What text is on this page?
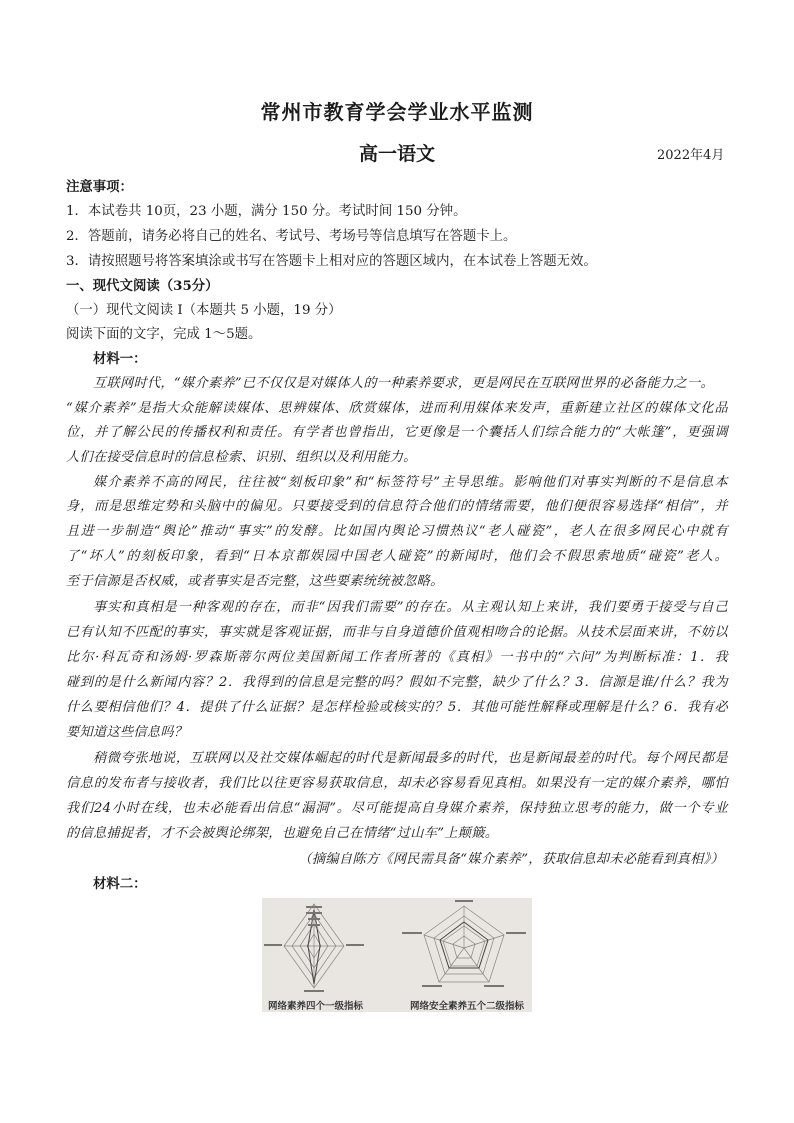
常州市教育学会学业水平监测
高一语文	2022年4月
注意事项：
1．本试卷共 10页，23 小题，满分 150 分。考试时间 150 分钟。
2．答题前，请务必将自己的姓名、考试号、考场号等信息填写在答题卡上。
3．请按照题号将答案填涂或书写在答题卡上相对应的答题区域内，在本试卷上答题无效。
一、现代文阅读（35分）
（一）现代文阅读 I（本题共 5 小题，19 分）
阅读下面的文字，完成 1～5题。
材料一：
互联网时代，“媒介素养”已不仅仅是对媒体人的一种素养要求，更是网民在互联网世界的必备能力之一。
“媒介素养”是指大众能解读媒体、思辨媒体、欣赏媒体，进而利用媒体来发声，重新建立社区的媒体文化品
位，并了解公民的传播权利和责任。有学者也曾指出，它更像是一个囊括人们综合能力的“大帐篷”，更强调
人们在接受信息时的信息检索、识别、组织以及利用能力。
媒介素养不高的网民，往往被“刻板印象”和“标签符号”主导思维。影响他们对事实判断的不是信息本
身，而是思维定势和头脑中的偏见。只要接受到的信息符合他们的情绪需要，他们便很容易选择“相信”，并
且进一步制造“舆论”推动“事实”的发酵。比如国内舆论习惯热议“老人碰瓷”，老人在很多网民心中就有
了“坏人”的刻板印象，看到“日本京都娱园中国老人碰瓷”的新闻时，他们会不假思索地质“碰瓷”老人。
至于信源是否权威，或者事实是否完整，这些要素统统被忽略。
事实和真相是一种客观的存在，而非“因我们需要”的存在。从主观认知上来讲，我们要勇于接受与自己
已有认知不匹配的事实，事实就是客观证据，而非与自身道德价值观相吻合的论据。从技术层面来讲，不妨以
比尔·科瓦奇和汤姆·罗森斯蒂尔两位美国新闻工作者所著的《真相》一书中的“六问”为判断标准：1．我
碰到的是什么新闻内容？2．我得到的信息是完整的吗？假如不完整，缺少了什么？3．信源是谁/什么？我为
什么要相信他们？4．提供了什么证据？是怎样检验或核实的？5．其他可能性解释或理解是什么？6．我有必
要知道这些信息吗？
稍微夸张地说，互联网以及社交媒体崛起的时代是新闻最多的时代，也是新闻最差的时代。每个网民都是
信息的发布者与接收者，我们比以往更容易获取信息，却未必容易看见真相。如果没有一定的媒介素养，哪怕
我们24小时在线，也未必能看出信息“漏洞”。尽可能提高自身媒介素养，保持独立思考的能力，做一个专业
的信息捕捉者，才不会被舆论绑架，也避免自己在情绪“过山车”上颠簸。
（摘编自陈方《网民需具备“媒介素养”，获取信息却未必能看到真相》）
材料二：
网络素养四个一级指标	网络安全素养五个二级指标
